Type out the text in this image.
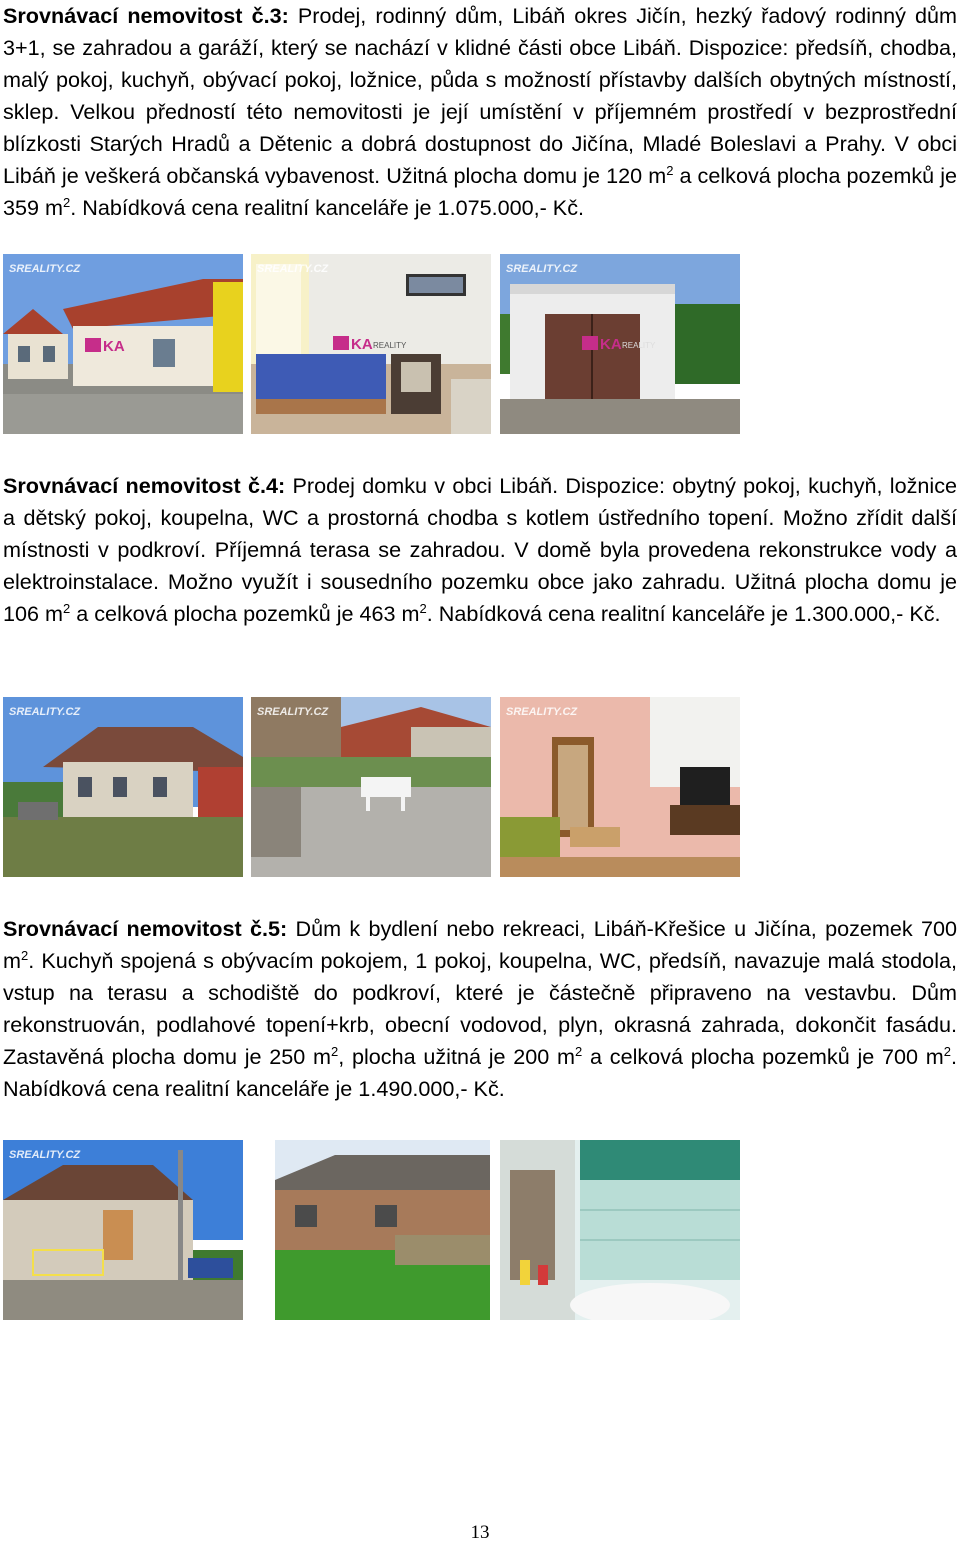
Srovnávací nemovitost č.3: Prodej, rodinný dům, Libáň okres Jičín, hezký řadový rodinný dům 3+1, se zahradou a garáží, který se nachází v klidné části obce Libáň. Dispozice: předsíň, chodba, malý pokoj, kuchyň, obývací pokoj, ložnice, půda s možností přístavby dalších obytných místností, sklep. Velkou předností této nemovitosti je její umístění v příjemném prostředí v bezprostřední blízkosti Starých Hradů a Dětenic a dobrá dostupnost do Jičína, Mladé Boleslavi a Prahy. V obci Libáň je veškerá občanská vybavenost. Užitná plocha domu je 120 $m^2$ a celková plocha pozemků je 359 $m^2$. Nabídková cena realitní kanceláře je 1.075.000,- Kč.

SREALITY.CZ
KA
SREALITY.CZ
KA REALITY
SREALITY.CZ
KA REALITY

Srovnávací nemovitost č.4: Prodej domku v obci Libáň. Dispozice: obytný pokoj, kuchyň, ložnice a dětský pokoj, koupelna, WC a prostorná chodba s kotlem ústředního topení. Možno zřídit další místnosti v podkroví. Příjemná terasa se zahradou. V domě byla provedena rekonstrukce vody a elektroinstalace. Možno využít i sousedního pozemku obce jako zahradu. Užitná plocha domu je 106 $m^2$ a celková plocha pozemků je 463 $m^2$. Nabídková cena realitní kanceláře je 1.300.000,- Kč.

SREALITY.CZ	SREALITY.CZ	SREALITY.CZ

Srovnávací nemovitost č.5: Dům k bydlení nebo rekreaci, Libáň-Křešice u Jičína, pozemek 700 $m^2$. Kuchyň spojená s obývacím pokojem, 1 pokoj, koupelna, WC, předsíň, navazuje malá stodola, vstup na terasu a schodiště do podkroví, které je částečně připraveno na vestavbu. Dům rekonstruován, podlahové topení+krb, obecní vodovod, plyn, okrasná zahrada, dokončit fasádu. Zastavěná plocha domu je 250 $m^2$, plocha užitná je 200 $m^2$ a celková plocha pozemků je 700 $m^2$. Nabídková cena realitní kanceláře je 1.490.000,- Kč.

SREALITY.CZ
13
